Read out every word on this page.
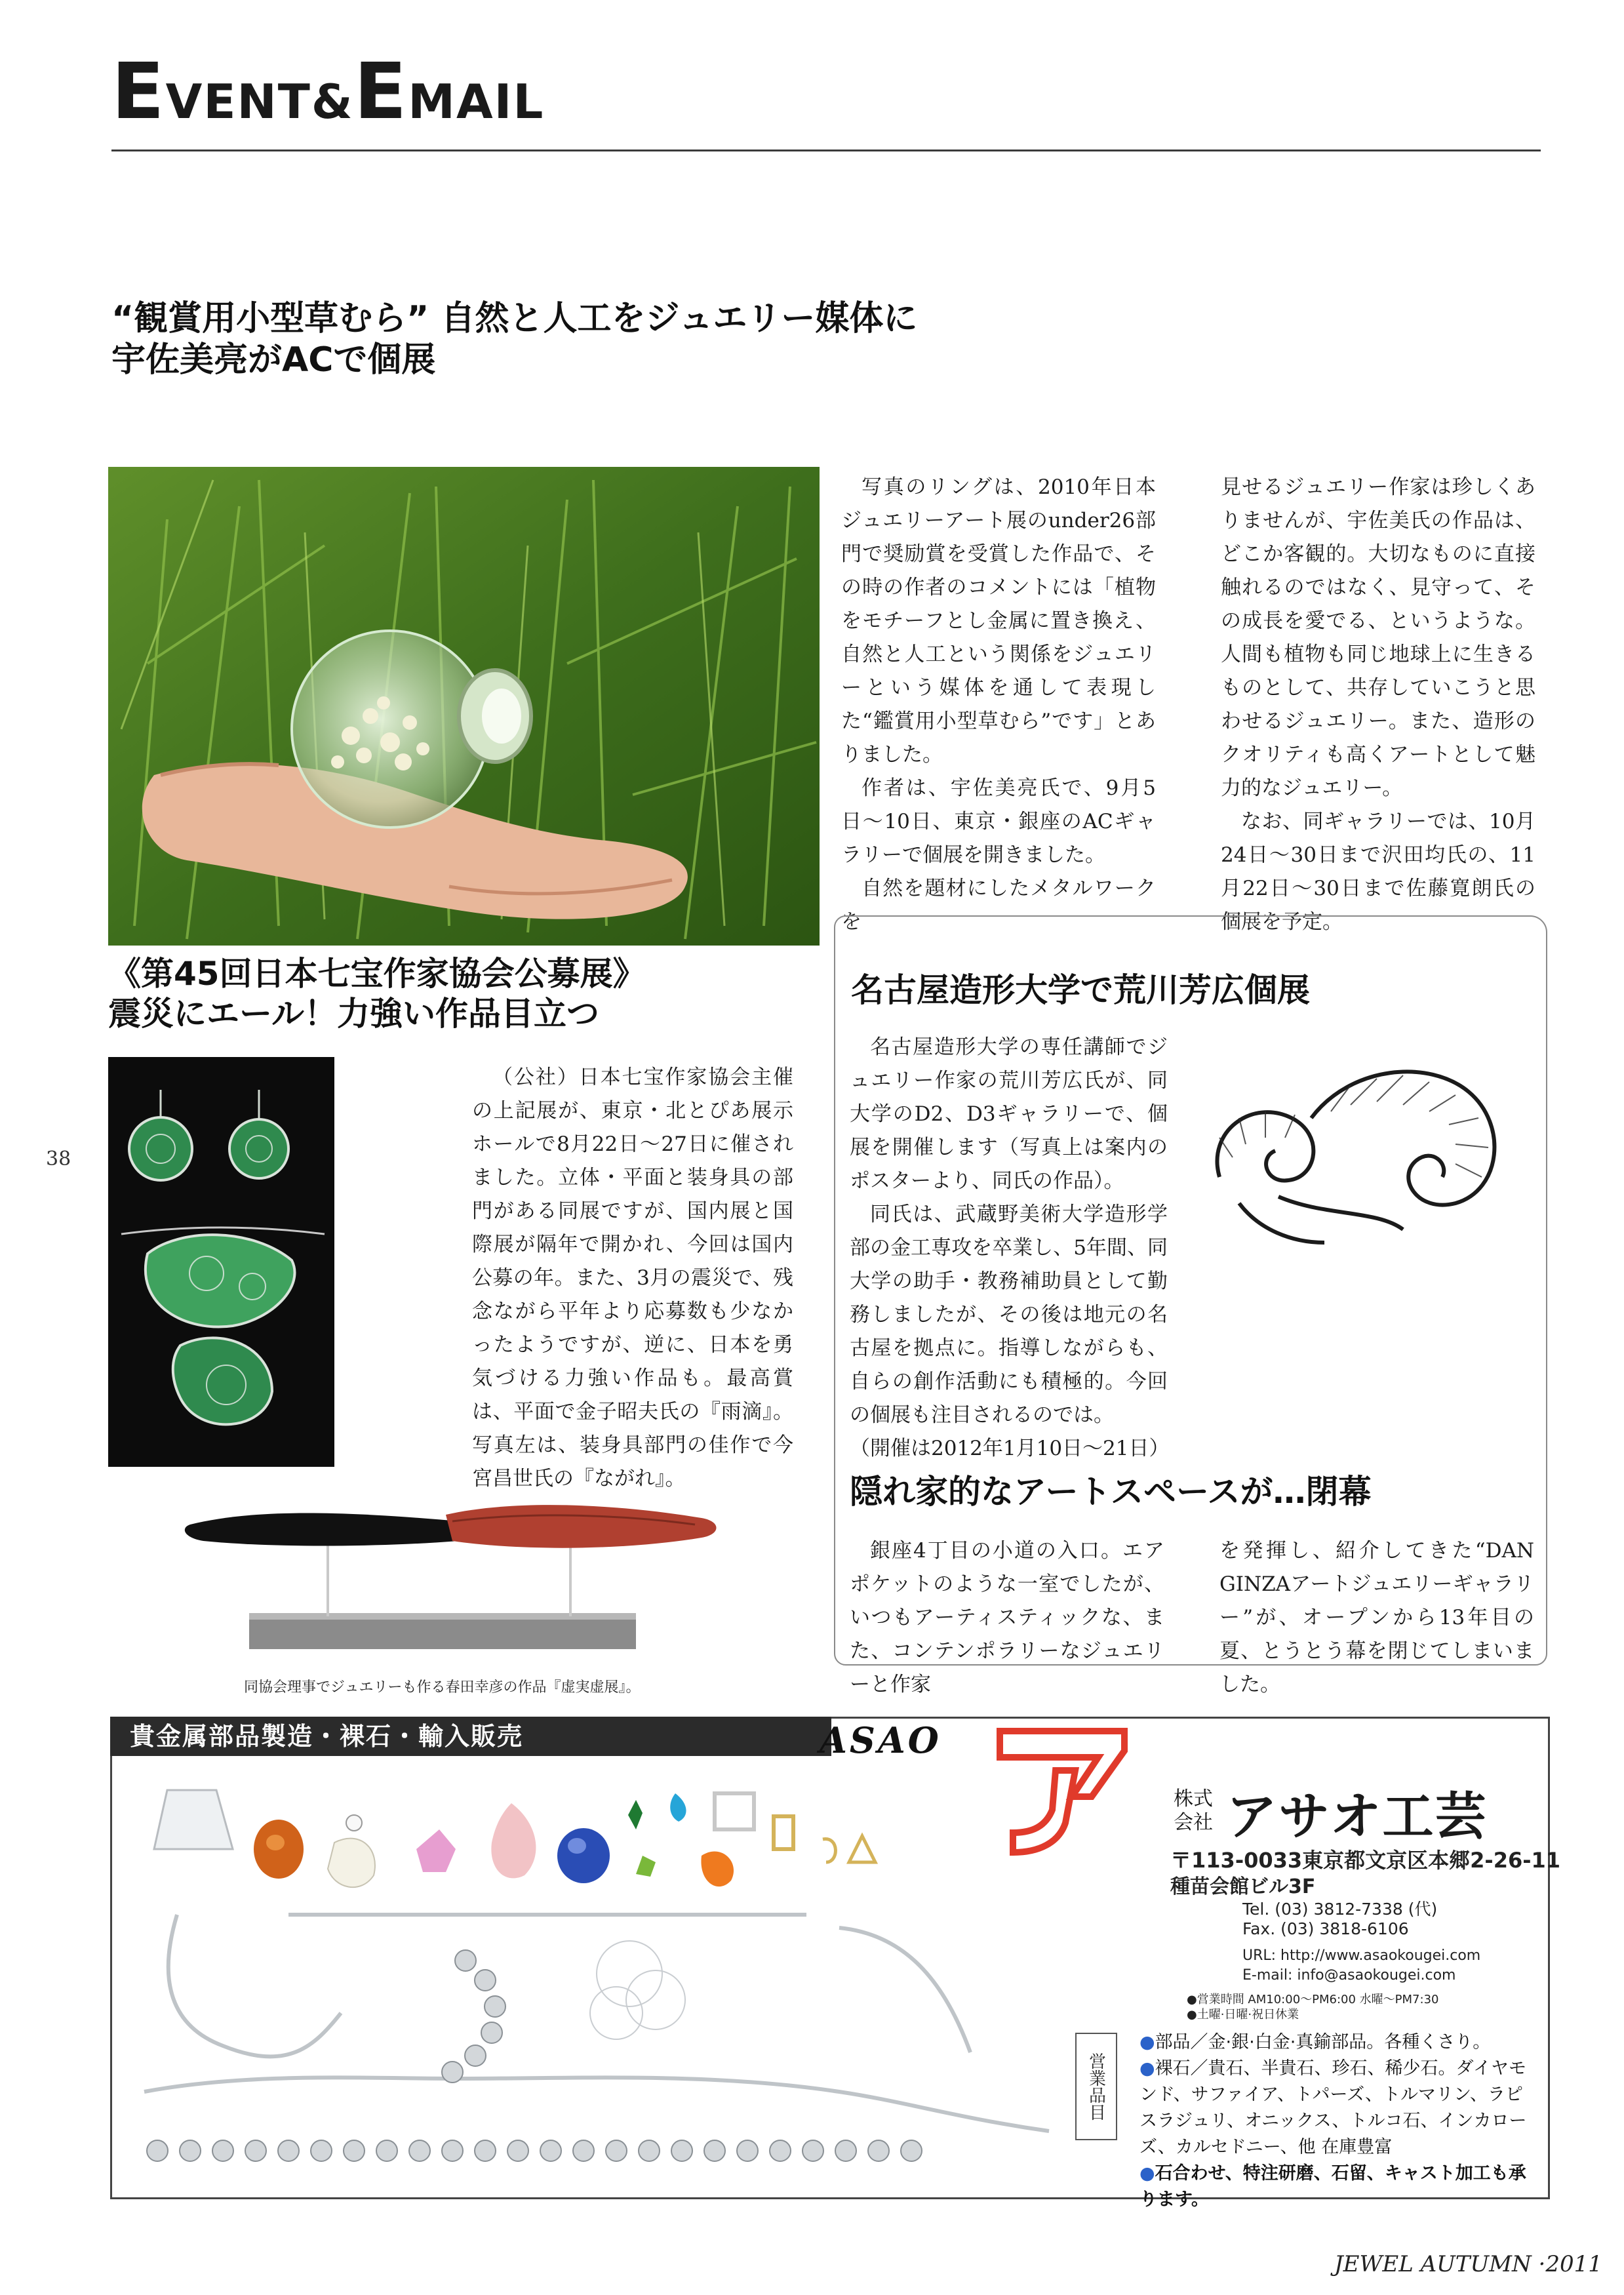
EVENT&EMAIL
“観賞用小型草むら” 自然と人工をジュエリー媒体に
宇佐美亮がACで個展

写真のリングは、2010年日本ジュエリーアート展のunder26部門で奨励賞を受賞した作品で、その時の作者のコメントには「植物をモチーフとし金属に置き換え、自然と人工という関係をジュエリーという媒体を通して表現した“鑑賞用小型草むら”です」とありました。

作者は、宇佐美亮氏で、9月5日〜10日、東京・銀座のACギャラリーで個展を開きました。

自然を題材にしたメタルワークを

見せるジュエリー作家は珍しくありませんが、宇佐美氏の作品は、どこか客観的。大切なものに直接触れるのではなく、見守って、その成長を愛でる、というような。人間も植物も同じ地球上に生きるものとして、共存していこうと思わせるジュエリー。また、造形のクオリティも高くアートとして魅力的なジュエリー。

なお、同ギャラリーでは、10月24日〜30日まで沢田均氏の、11月22日〜30日まで佐藤寛朗氏の個展を予定。

《第45回日本七宝作家協会公募展》
震災にエール！力強い作品目立つ

（公社）日本七宝作家協会主催の上記展が、東京・北とぴあ展示ホールで8月22日〜27日に催されました。立体・平面と装身具の部門がある同展ですが、国内展と国際展が隔年で開かれ、今回は国内公募の年。また、3月の震災で、残念ながら平年より応募数も少なかったようですが、逆に、日本を勇気づける力強い作品も。最高賞は、平面で金子昭夫氏の『雨滴』。写真左は、装身具部門の佳作で今宮昌世氏の『ながれ』。

同協会理事でジュエリーも作る春田幸彦の作品『虚実虚展』。
名古屋造形大学で荒川芳広個展

名古屋造形大学の専任講師でジュエリー作家の荒川芳広氏が、同大学のD2、D3ギャラリーで、個展を開催します（写真上は案内のポスターより、同氏の作品）。

同氏は、武蔵野美術大学造形学部の金工専攻を卒業し、5年間、同大学の助手・教務補助員として勤務しましたが、その後は地元の名古屋を拠点に。指導しながらも、自らの創作活動にも積極的。今回の個展も注目されるのでは。

（開催は2012年1月10日〜21日）

隠れ家的なアートスペースが…閉幕

銀座4丁目の小道の入口。エアポケットのような一室でしたが、いつもアーティスティックな、また、コンテンポラリーなジュエリーと作家

を発揮し、紹介してきた“DAN GINZAアートジュエリーギャラリー”が、オープンから13年目の夏、とうとう幕を閉じてしまいました。

38
貴金属部品製造・裸石・輸入販売	ASAO
営業品目
株式
会社 アサオ工芸
〒113-0033東京都文京区本郷2-26-11
種苗会館ビル3F
Tel. (03) 3812-7338 (代)
Fax. (03) 3818-6106
URL: http://www.asaokougei.com
E-mail: info@asaokougei.com
●営業時間 AM10:00〜PM6:00 水曜〜PM7:30
●土曜·日曜·祝日休業
●部品／金·銀·白金·真鍮部品。各種くさり。
●裸石／貴石、半貴石、珍石、稀少石。ダイヤモンド、サファイア、トパーズ、トルマリン、ラピスラジュリ、オニックス、トルコ石、インカローズ、カルセドニー、他 在庫豊富
●石合わせ、特注研磨、石留、キャスト加工も承ります。
JEWEL AUTUMN ·2011
